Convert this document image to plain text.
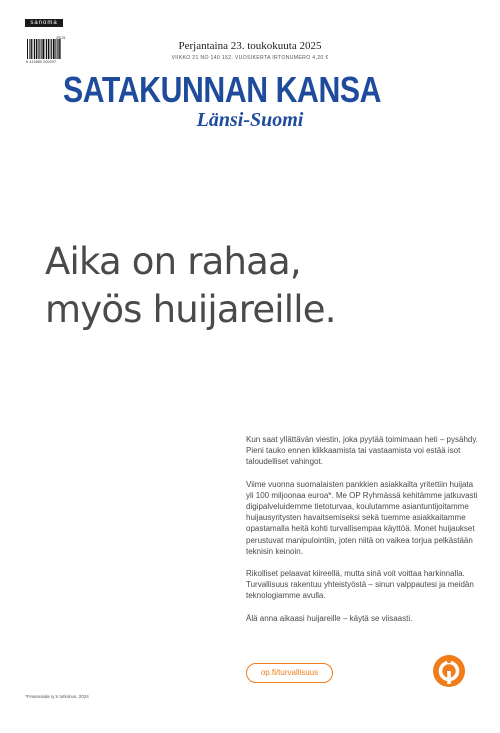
sanoma
25121
6 414880 000007
Perjantaina 23. toukokuuta 2025
VIIKKO 21 NO 140 152. VUOSIKERTA IRTONUMERO 4,20 €
SATAKUNNAN KANSA
Länsi-Suomi
Aika on rahaa,
myös huijareille.

Kun saat yllättävän viestin, joka pyytää toimimaan heti – pysähdy. Pieni tauko ennen klikkaamista tai vastaamista voi estää isot taloudelliset vahingot.

Viime vuonna suomalaisten pankkien asiakkailta yritettiin huijata yli 100 miljoonaa euroa*. Me OP Ryhmässä kehitämme jatkuvasti digipalveluidemme tietoturvaa, koulutamme asiantuntijoitamme huijausyritysten havaitsemiseksi sekä tuemme asiakkaitamme opastamalla heitä kohti turvallisempaa käyttöä. Monet huijaukset perustuvat manipulointiin, joten niitä on vaikea torjua pelkästään teknisin keinoin.

Rikolliset pelaavat kiireellä, mutta sinä voit voittaa harkinnalla. Turvallisuus rakentuu yhteistyöstä – sinun valppautesi ja meidän teknologiamme avulla.

Älä anna aikaasi huijareille – käytä se viisaasti.

op.fi/turvallisuus
*Finanssiala ry:n tutkimus, 2024
